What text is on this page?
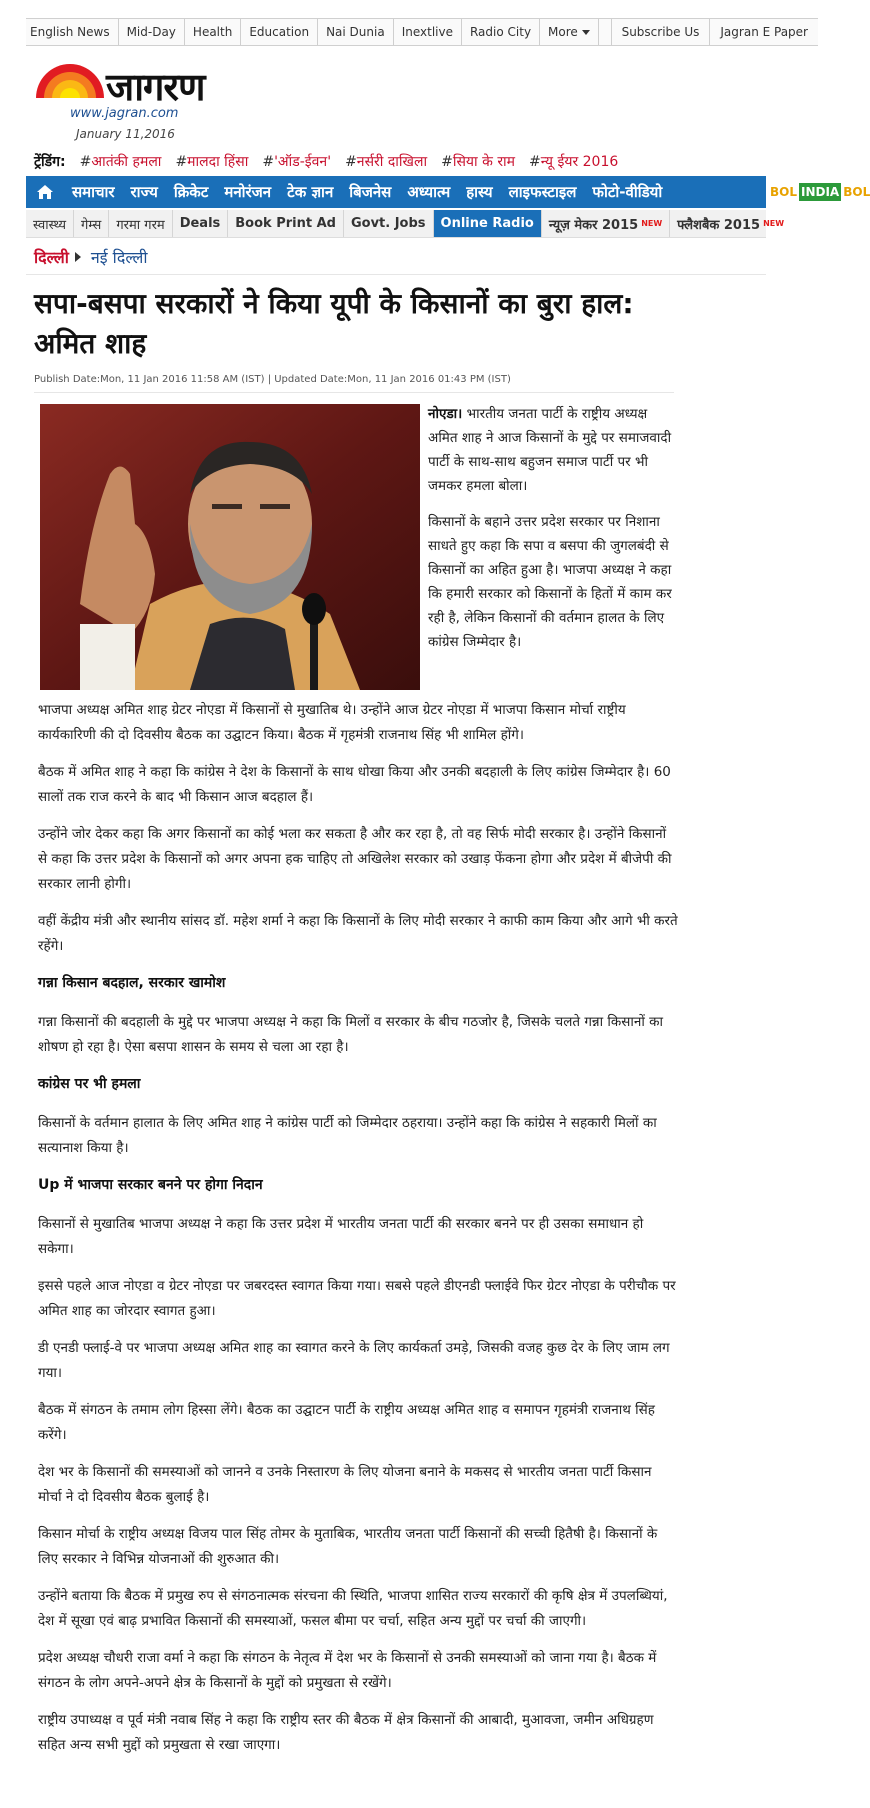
English News	Mid-Day	Health	Education	Nai Dunia	Inextlive	Radio City	More	Subscribe Us	Jagran E Paper
जागरण
www.jagran.com
January 11,2016
ट्रेंडिंग: #आतंकी हमला #मालदा हिंसा #'ऑड-ईवन' #नर्सरी दाखिला #सिया के राम #न्यू ईयर 2016
समाचार	राज्य	क्रिकेट	मनोरंजन	टेक ज्ञान	बिजनेस	अध्यात्म	हास्य	लाइफस्टाइल	फोटो-वीडियो	BOL INDIA BOL
स्वास्थ्य	गेम्स	गरमा गरम	Deals	Book Print Ad	Govt. Jobs	Online Radio	न्यूज़ मेकर 2015 NEW फ्लैशबैक 2015 NEW
दिल्ली नई दिल्ली
सपा-बसपा सरकारों ने किया यूपी के किसानों का बुरा हाल: अमित शाह
Publish Date:Mon, 11 Jan 2016 11:58 AM (IST) | Updated Date:Mon, 11 Jan 2016 01:43 PM (IST)

नोएडा। भारतीय जनता पार्टी के राष्ट्रीय अध्यक्ष अमित शाह ने आज किसानों के मुद्दे पर समाजवादी पार्टी के साथ-साथ बहुजन समाज पार्टी पर भी जमकर हमला बोला।

किसानों के बहाने उत्तर प्रदेश सरकार पर निशाना साधते हुए कहा कि सपा व बसपा की जुगलबंदी से किसानों का अहित हुआ है। भाजपा अध्यक्ष ने कहा कि हमारी सरकार को किसानों के हितों में काम कर रही है, लेकिन किसानों की वर्तमान हालत के लिए कांग्रेस जिम्मेदार है।

भाजपा अध्यक्ष अमित शाह ग्रेटर नोएडा में किसानों से मुखातिब थे। उन्होंने आज ग्रेटर नोएडा में भाजपा किसान मोर्चा राष्ट्रीय कार्यकारिणी की दो दिवसीय बैठक का उद्घाटन किया। बैठक में गृहमंत्री राजनाथ सिंह भी शामिल होंगे।

बैठक में अमित शाह ने कहा कि कांग्रेस ने देश के किसानों के साथ धोखा किया और उनकी बदहाली के लिए कांग्रेस जिम्मेदार है। 60 सालों तक राज करने के बाद भी किसान आज बदहाल हैं।

उन्होंने जोर देकर कहा कि अगर किसानों का कोई भला कर सकता है और कर रहा है, तो वह सिर्फ मोदी सरकार है। उन्होंने किसानों से कहा कि उत्तर प्रदेश के किसानों को अगर अपना हक चाहिए तो अखिलेश सरकार को उखाड़ फेंकना होगा और प्रदेश में बीजेपी की सरकार लानी होगी।

वहीं केंद्रीय मंत्री और स्थानीय सांसद डॉ. महेश शर्मा ने कहा कि किसानों के लिए मोदी सरकार ने काफी काम किया और आगे भी करते रहेंगे।

गन्ना किसान बदहाल, सरकार खामोश

गन्ना किसानों की बदहाली के मुद्दे पर भाजपा अध्यक्ष ने कहा कि मिलों व सरकार के बीच गठजोर है, जिसके चलते गन्ना किसानों का शोषण हो रहा है। ऐसा बसपा शासन के समय से चला आ रहा है।

कांग्रेस पर भी हमला

किसानों के वर्तमान हालात के लिए अमित शाह ने कांग्रेस पार्टी को जिम्मेदार ठहराया। उन्होंने कहा कि कांग्रेस ने सहकारी मिलों का सत्यानाश किया है।

Up में भाजपा सरकार बनने पर होगा निदान

किसानों से मुखातिब भाजपा अध्यक्ष ने कहा कि उत्तर प्रदेश में भारतीय जनता पार्टी की सरकार बनने पर ही उसका समाधान हो सकेगा।

इससे पहले आज नोएडा व ग्रेटर नोएडा पर जबरदस्त स्वागत किया गया। सबसे पहले डीएनडी फ्लाईवे फिर ग्रेटर नोएडा के परीचौक पर अमित शाह का जोरदार स्वागत हुआ।

डी एनडी फ्लाई-वे पर भाजपा अध्यक्ष अमित शाह का स्वागत करने के लिए कार्यकर्ता उमड़े, जिसकी वजह कुछ देर के लिए जाम लग गया।

बैठक में संगठन के तमाम लोग हिस्सा लेंगे। बैठक का उद्घाटन पार्टी के राष्ट्रीय अध्यक्ष अमित शाह व समापन गृहमंत्री राजनाथ सिंह करेंगे।

देश भर के किसानों की समस्याओं को जानने व उनके निस्तारण के लिए योजना बनाने के मकसद से भारतीय जनता पार्टी किसान मोर्चा ने दो दिवसीय बैठक बुलाई है।

किसान मोर्चा के राष्ट्रीय अध्यक्ष विजय पाल सिंह तोमर के मुताबिक, भारतीय जनता पार्टी किसानों की सच्ची हितैषी है। किसानों के लिए सरकार ने विभिन्न योजनाओं की शुरुआत की।

उन्होंने बताया कि बैठक में प्रमुख रुप से संगठनात्मक संरचना की स्थिति, भाजपा शासित राज्य सरकारों की कृषि क्षेत्र में उपलब्धियां, देश में सूखा एवं बाढ़ प्रभावित किसानों की समस्याओं, फसल बीमा पर चर्चा, सहित अन्य मुद्दों पर चर्चा की जाएगी।

प्रदेश अध्यक्ष चौधरी राजा वर्मा ने कहा कि संगठन के नेतृत्व में देश भर के किसानों से उनकी समस्याओं को जाना गया है। बैठक में संगठन के लोग अपने-अपने क्षेत्र के किसानों के मुद्दों को प्रमुखता से रखेंगे।

राष्ट्रीय उपाध्यक्ष व पूर्व मंत्री नवाब सिंह ने कहा कि राष्ट्रीय स्तर की बैठक में क्षेत्र किसानों की आबादी, मुआवजा, जमीन अधिग्रहण सहित अन्य सभी मुद्दों को प्रमुखता से रखा जाएगा।
